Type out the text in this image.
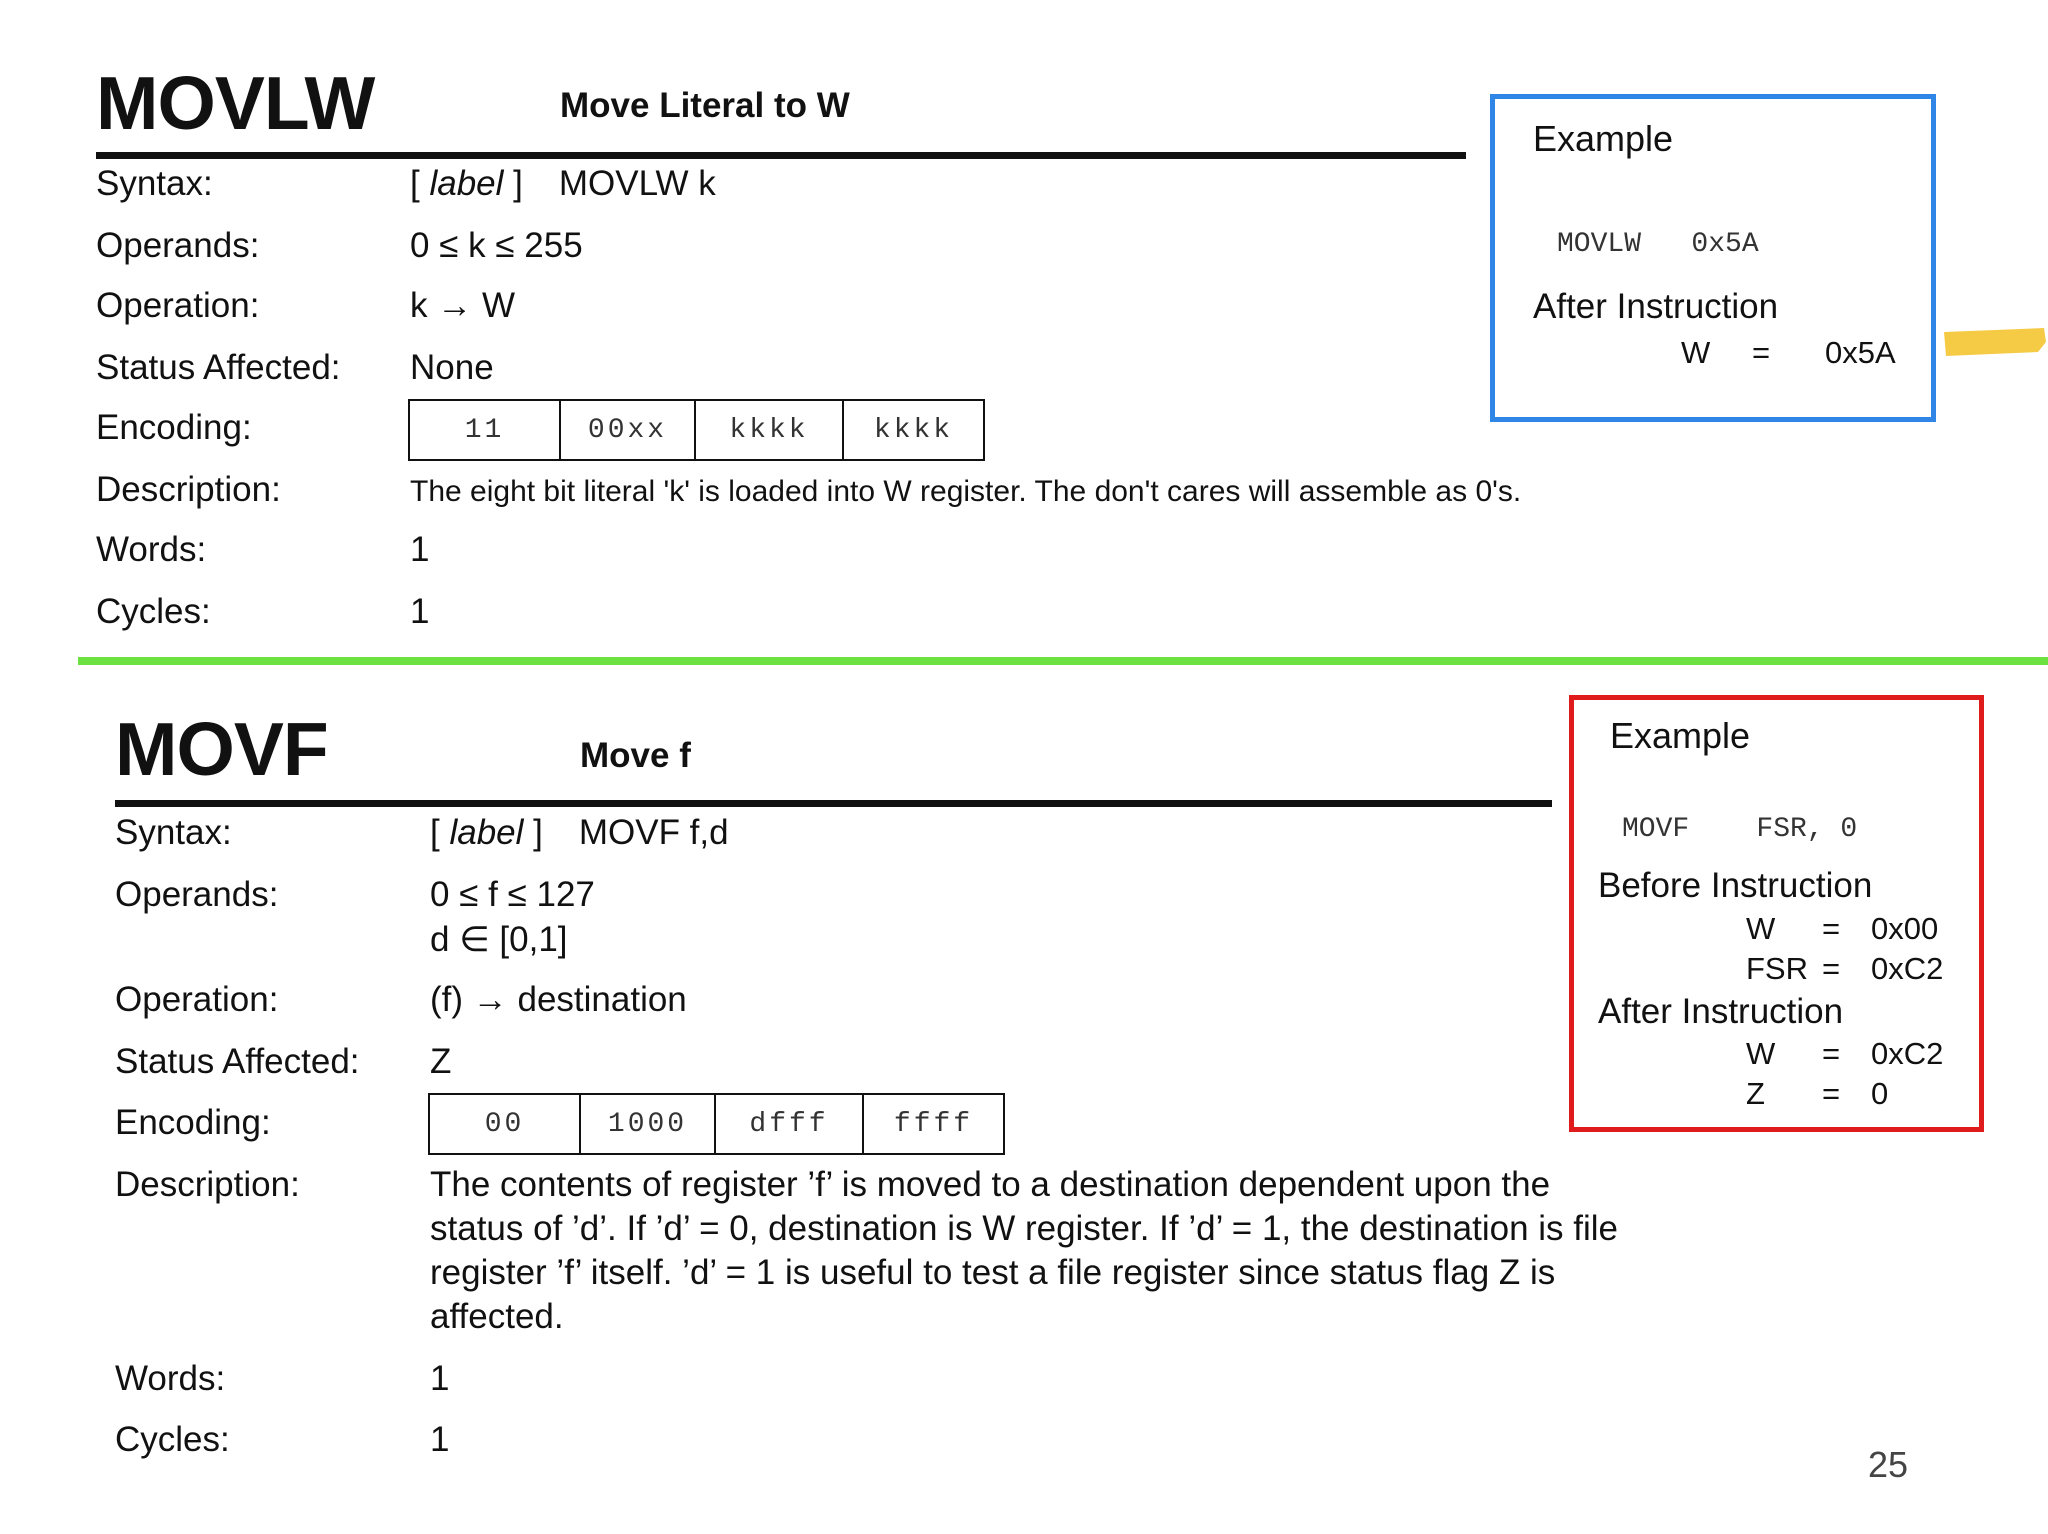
MOVLW	Move Literal to W
Syntax:	[ label ] MOVLW k
Operands:	0 ≤ k ≤ 255
Operation:	k → W
Status Affected: None
Encoding:	11	00xx	kkkk	kkkk
Description:	The eight bit literal 'k' is loaded into W register. The don't cares will assemble as 0's.
Words:	1
Cycles:	1
Example
MOVLW   0x5A
After Instruction
W = 0x5A
MOVF	Move f
Syntax:	[ label ] MOVF f,d
Operands:	0 ≤ f ≤ 127
d ∈ [0,1]
Operation:	(f) → destination
Status Affected: Z
Encoding:	00	1000	dfff	ffff
Description:	The contents of register ’f’ is moved to a destination dependent upon the status of ’d’. If ’d’ = 0, destination is W register. If ’d’ = 1, the destination is file register ’f’ itself. ’d’ = 1 is useful to test a file register since status flag Z is affected.
Words:	1
Cycles:	1
Example
MOVF    FSR, 0
Before Instruction
W = 0x00
FSR = 0xC2
After Instruction
W = 0xC2
Z = 0
25
